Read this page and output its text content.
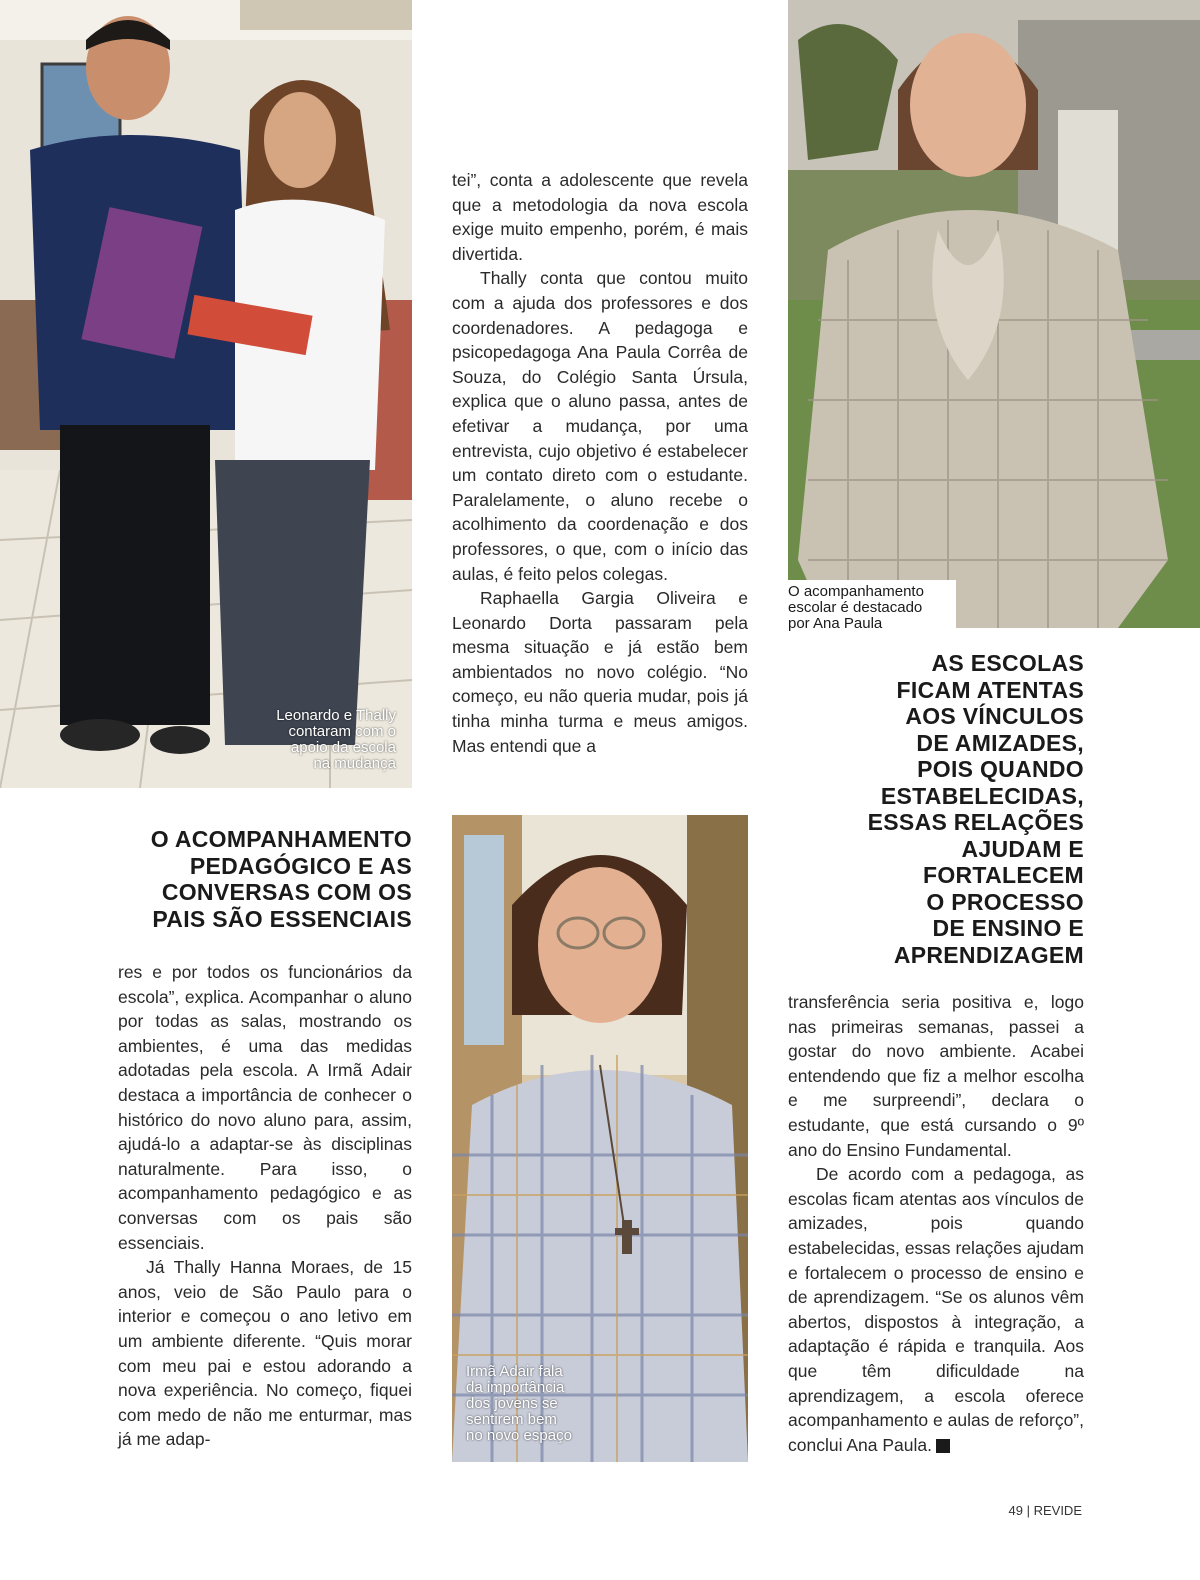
Leonardo e Thally
contaram com o
apoio da escola
na mudança
O acompanhamento
escolar é destacado
por Ana Paula

tei”, conta a adolescente que revela que a metodologia da nova escola exige muito empenho, porém, é mais divertida.

Thally conta que contou muito com a ajuda dos professores e dos coordenadores. A pedagoga e psicopedagoga Ana Paula Corrêa de Souza, do Colégio Santa Úrsula, explica que o aluno passa, antes de efetivar a mudança, por uma entrevista, cujo objetivo é estabelecer um contato direto com o estudante. Paralelamente, o aluno recebe o acolhimento da coordenação e dos professores, o que, com o início das aulas, é feito pelos colegas.

Raphaella Gargia Oliveira e Leonardo Dorta passaram pela mesma situação e já estão bem ambientados no novo colégio. “No começo, eu não queria mudar, pois já tinha minha turma e meus amigos. Mas entendi que a

O ACOMPANHAMENTO
PEDAGÓGICO E AS
CONVERSAS COM OS
PAIS SÃO ESSENCIAIS

res e por todos os funcionários da escola”, explica. Acompanhar o aluno por todas as salas, mostrando os ambientes, é uma das medidas adotadas pela escola. A Irmã Adair destaca a importância de conhecer o histórico do novo aluno para, assim, ajudá-lo a adaptar-se às disciplinas naturalmente. Para isso, o acompanhamento pedagógico e as conversas com os pais são essenciais.

Já Thally Hanna Moraes, de 15 anos, veio de São Paulo para o interior e começou o ano letivo em um ambiente diferente. “Quis morar com meu pai e estou adorando a nova experiência. No começo, fiquei com medo de não me enturmar, mas já me adap-

Irmã Adair fala
da importância
dos jovens se
sentirem bem
no novo espaço
AS ESCOLAS
FICAM ATENTAS
AOS VÍNCULOS
DE AMIZADES,
POIS QUANDO
ESTABELECIDAS,
ESSAS RELAÇÕES
AJUDAM E
FORTALECEM
O PROCESSO
DE ENSINO E
APRENDIZAGEM

transferência seria positiva e, logo nas primeiras semanas, passei a gostar do novo ambiente. Acabei entendendo que fiz a melhor escolha e me surpreendi”, declara o estudante, que está cursando o 9º ano do Ensino Fundamental.

De acordo com a pedagoga, as escolas ficam atentas aos vínculos de amizades, pois quando estabelecidas, essas relações ajudam e fortalecem o processo de ensino e de aprendizagem. “Se os alunos vêm abertos, dispostos à integração, a adaptação é rápida e tranquila. Aos que têm dificuldade na aprendizagem, a escola oferece acompanhamento e aulas de reforço”, conclui Ana Paula.	r

49 | REVIDE
